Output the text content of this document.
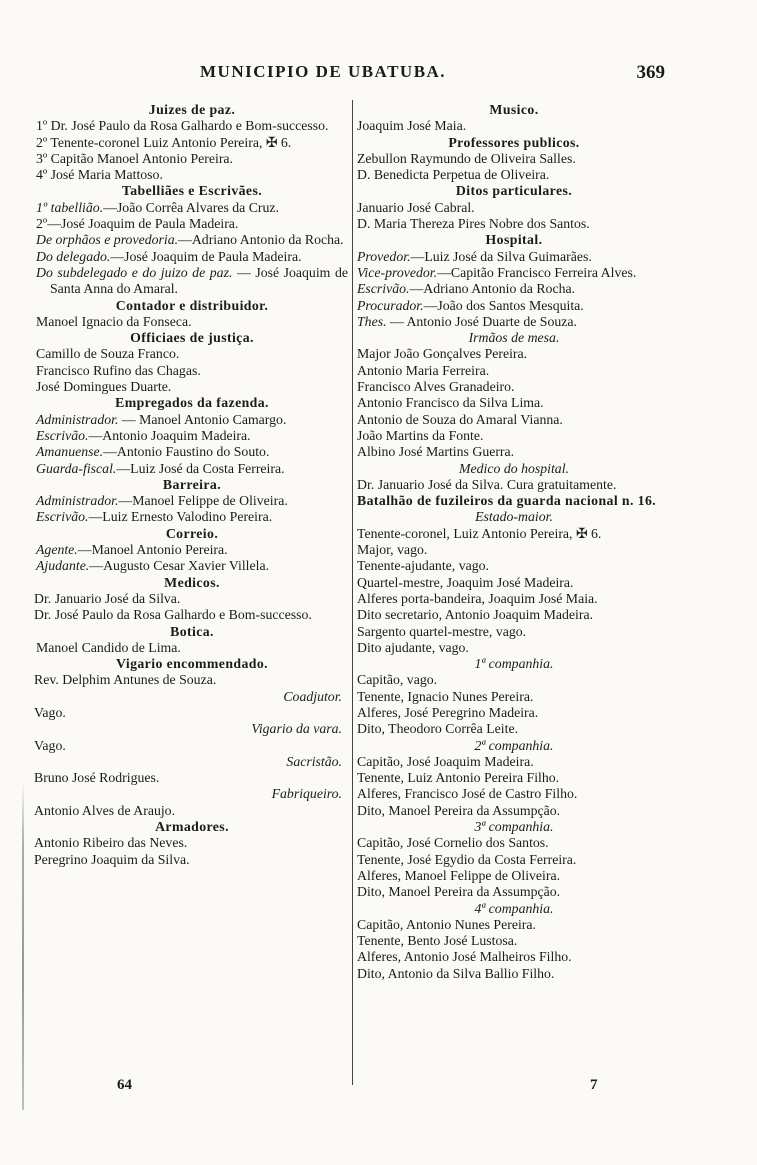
MUNICIPIO DE UBATUBA.	369
Juizes de paz.
1º Dr. José Paulo da Rosa Galhardo e Bom-successo.
2º Tenente-coronel Luiz Antonio Pereira, ✠ 6.
3º Capitão Manoel Antonio Pereira.
4º José Maria Mattoso.
Tabelliães e Escrivães.
1º tabellião.—João Corrêa Alvares da Cruz.
2º—José Joaquim de Paula Madeira.
De orphãos e provedoria.—Adriano Antonio da Rocha.
Do delegado.—José Joaquim de Paula Madeira.
Do subdelegado e do juizo de paz. — José Joaquim de Santa Anna do Amaral.
Contador e distribuidor.
Manoel Ignacio da Fonseca.
Officiaes de justiça.
Camillo de Souza Franco.
Francisco Rufino das Chagas.
José Domingues Duarte.
Empregados da fazenda.
Administrador. — Manoel Antonio Camargo.
Escrivão.—Antonio Joaquim Madeira.
Amanuense.—Antonio Faustino do Souto.
Guarda-fiscal.—Luiz José da Costa Ferreira.
Barreira.
Administrador.—Manoel Felippe de Oliveira.
Escrivão.—Luiz Ernesto Valodino Pereira.
Correio.
Agente.—Manoel Antonio Pereira.
Ajudante.—Augusto Cesar Xavier Villela.
Medicos.
Dr. Januario José da Silva.
Dr. José Paulo da Rosa Galhardo e Bom-successo.
Botica.
Manoel Candido de Lima.
Vigario encommendado.
Rev. Delphim Antunes de Souza.
Coadjutor.
Vago.
Vigario da vara.
Vago.
Sacristão.
Bruno José Rodrigues.
Fabriqueiro.
Antonio Alves de Araujo.
Armadores.
Antonio Ribeiro das Neves.
Peregrino Joaquim da Silva.
Musico.
Joaquim José Maia.
Professores publicos.
Zebullon Raymundo de Oliveira Salles.
D. Benedicta Perpetua de Oliveira.
Ditos particulares.
Januario José Cabral.
D. Maria Thereza Pires Nobre dos Santos.
Hospital.
Provedor.—Luiz José da Silva Guimarães.
Vice-provedor.—Capitão Francisco Ferreira Alves.
Escrivão.—Adriano Antonio da Rocha.
Procurador.—João dos Santos Mesquita.
Thes. — Antonio José Duarte de Souza.
Irmãos de mesa.
Major João Gonçalves Pereira.
Antonio Maria Ferreira.
Francisco Alves Granadeiro.
Antonio Francisco da Silva Lima.
Antonio de Souza do Amaral Vianna.
João Martins da Fonte.
Albino José Martins Guerra.
Medico do hospital.
Dr. Januario José da Silva. Cura gratuitamente.
Batalhão de fuzileiros da guarda nacional n. 16.
Estado-maior.
Tenente-coronel, Luiz Antonio Pereira, ✠ 6.
Major, vago.
Tenente-ajudante, vago.
Quartel-mestre, Joaquim José Madeira.
Alferes porta-bandeira, Joaquim José Maia.
Dito secretario, Antonio Joaquim Madeira.
Sargento quartel-mestre, vago.
Dito ajudante, vago.
1ª companhia.
Capitão, vago.
Tenente, Ignacio Nunes Pereira.
Alferes, José Peregrino Madeira.
Dito, Theodoro Corrêa Leite.
2ª companhia.
Capitão, José Joaquim Madeira.
Tenente, Luiz Antonio Pereira Filho.
Alferes, Francisco José de Castro Filho.
Dito, Manoel Pereira da Assumpção.
3ª companhia.
Capitão, José Cornelio dos Santos.
Tenente, José Egydio da Costa Ferreira.
Alferes, Manoel Felippe de Oliveira.
Dito, Manoel Pereira da Assumpção.
4ª companhia.
Capitão, Antonio Nunes Pereira.
Tenente, Bento José Lustosa.
Alferes, Antonio José Malheiros Filho.
Dito, Antonio da Silva Ballio Filho.
64	7
